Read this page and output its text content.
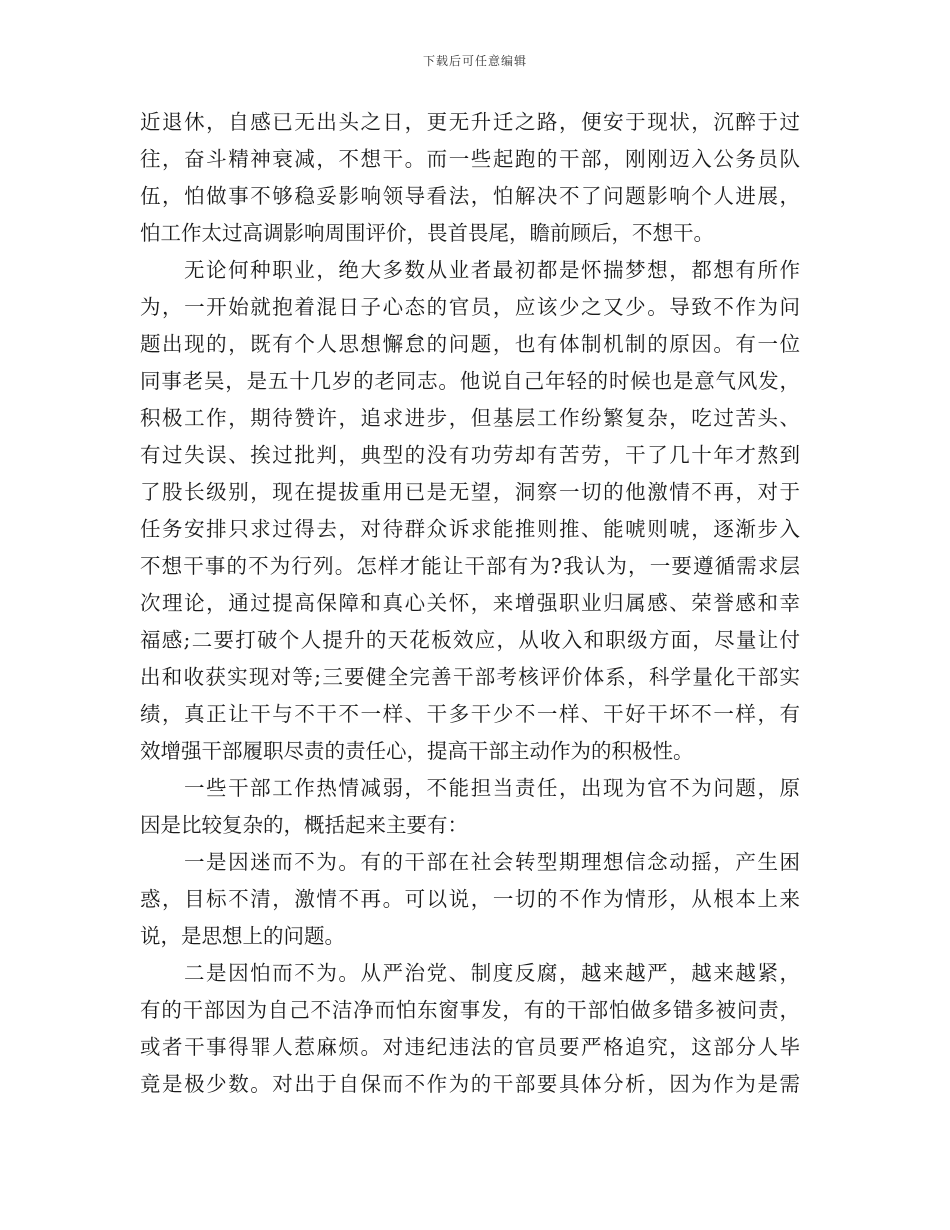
下载后可任意编辑
近退休，自感已无出头之日，更无升迁之路，便安于现状，沉醉于过
往，奋斗精神衰减，不想干。而一些起跑的干部，刚刚迈入公务员队
伍，怕做事不够稳妥影响领导看法，怕解决不了问题影响个人进展，
怕工作太过高调影响周围评价，畏首畏尾，瞻前顾后，不想干。
无论何种职业，绝大多数从业者最初都是怀揣梦想，都想有所作
为，一开始就抱着混日子心态的官员，应该少之又少。导致不作为问
题出现的，既有个人思想懈怠的问题，也有体制机制的原因。有一位
同事老吴，是五十几岁的老同志。他说自己年轻的时候也是意气风发，
积极工作，期待赞许，追求进步，但基层工作纷繁复杂，吃过苦头、
有过失误、挨过批判，典型的没有功劳却有苦劳，干了几十年才熬到
了股长级别，现在提拔重用已是无望，洞察一切的他激情不再，对于
任务安排只求过得去，对待群众诉求能推则推、能唬则唬，逐渐步入
不想干事的不为行列。怎样才能让干部有为?我认为，一要遵循需求层
次理论，通过提高保障和真心关怀，来增强职业归属感、荣誉感和幸
福感;二要打破个人提升的天花板效应，从收入和职级方面，尽量让付
出和收获实现对等;三要健全完善干部考核评价体系，科学量化干部实
绩，真正让干与不干不一样、干多干少不一样、干好干坏不一样，有
效增强干部履职尽责的责任心，提高干部主动作为的积极性。
一些干部工作热情减弱，不能担当责任，出现为官不为问题，原
因是比较复杂的，概括起来主要有：
一是因迷而不为。有的干部在社会转型期理想信念动摇，产生困
惑，目标不清，激情不再。可以说，一切的不作为情形，从根本上来
说，是思想上的问题。
二是因怕而不为。从严治党、制度反腐，越来越严，越来越紧，
有的干部因为自己不洁净而怕东窗事发，有的干部怕做多错多被问责，
或者干事得罪人惹麻烦。对违纪违法的官员要严格追究，这部分人毕
竟是极少数。对出于自保而不作为的干部要具体分析，因为作为是需
